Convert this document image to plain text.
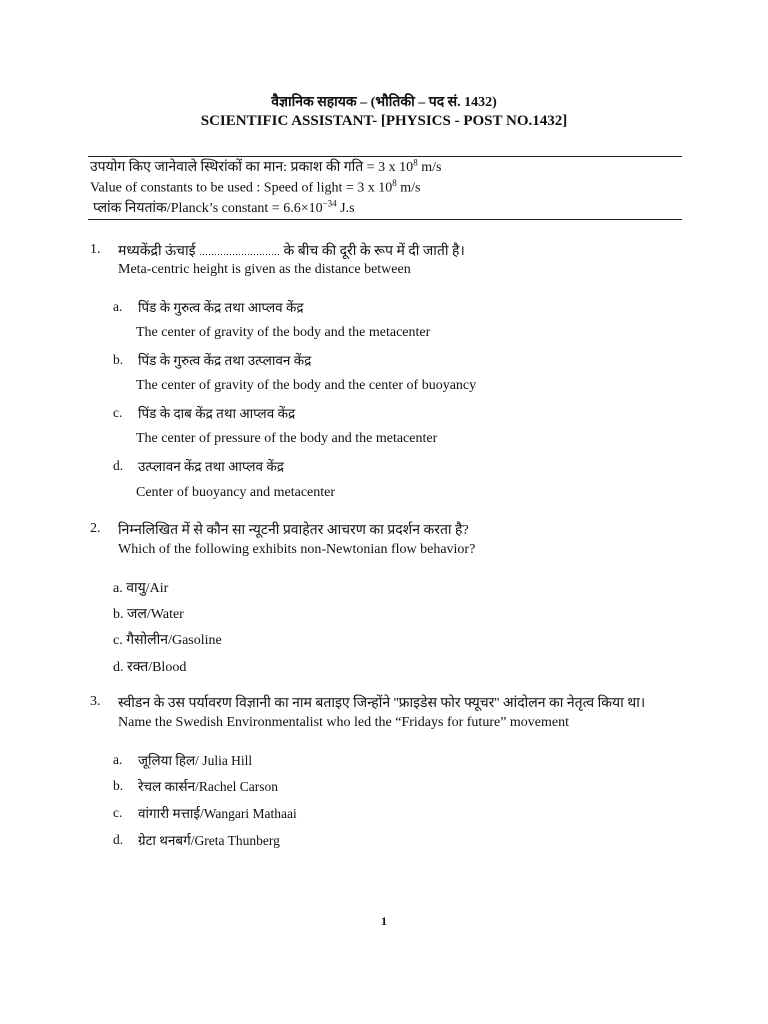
वैज्ञानिक सहायक – (भौतिकी – पद सं. 1432)
SCIENTIFIC ASSISTANT- [PHYSICS - POST NO.1432]
उपयोग किए जानेवाले स्थिरांकों का मान: प्रकाश की गति = 3 x $10^8$ m/s
Value of constants to be used : Speed of light = 3 x $10^8$ m/s
प्लांक नियतांक/Planck’s constant = $6.6\times 10^{-34}$ J.s
1. मध्यकेंद्री ऊंचाई ……………………… के बीच की दूरी के रूप में दी जाती है।
Meta-centric height is given as the distance between
a. पिंड के गुरुत्व केंद्र तथा आप्लव केंद्र
The center of gravity of the body and the metacenter
b. पिंड के गुरुत्व केंद्र तथा उत्प्लावन केंद्र
The center of gravity of the body and the center of buoyancy
c. पिंड के दाब केंद्र तथा आप्लव केंद्र
The center of pressure of the body and the metacenter
d. उत्प्लावन केंद्र तथा आप्लव केंद्र
Center of buoyancy and metacenter
2. निम्नलिखित में से कौन सा न्यूटनी प्रवाहेतर आचरण का प्रदर्शन करता है?
Which of the following exhibits non-Newtonian flow behavior?
a. वायु/Air
b. जल/Water
c. गैसोलीन/Gasoline
d. रक्त/Blood
3. स्वीडन के उस पर्यावरण विज्ञानी का नाम बताइए जिन्होंने ''फ्राइडेस फोर फ्यूचर'' आंदोलन का नेतृत्व किया था।
Name the Swedish Environmentalist who led the “Fridays for future” movement
a. जूलिया हिल/ Julia Hill
b. रेचल कार्सन/Rachel Carson
c. वांगारी मत्ताई/Wangari Mathaai
d. ग्रेटा थनबर्ग/Greta Thunberg
1
